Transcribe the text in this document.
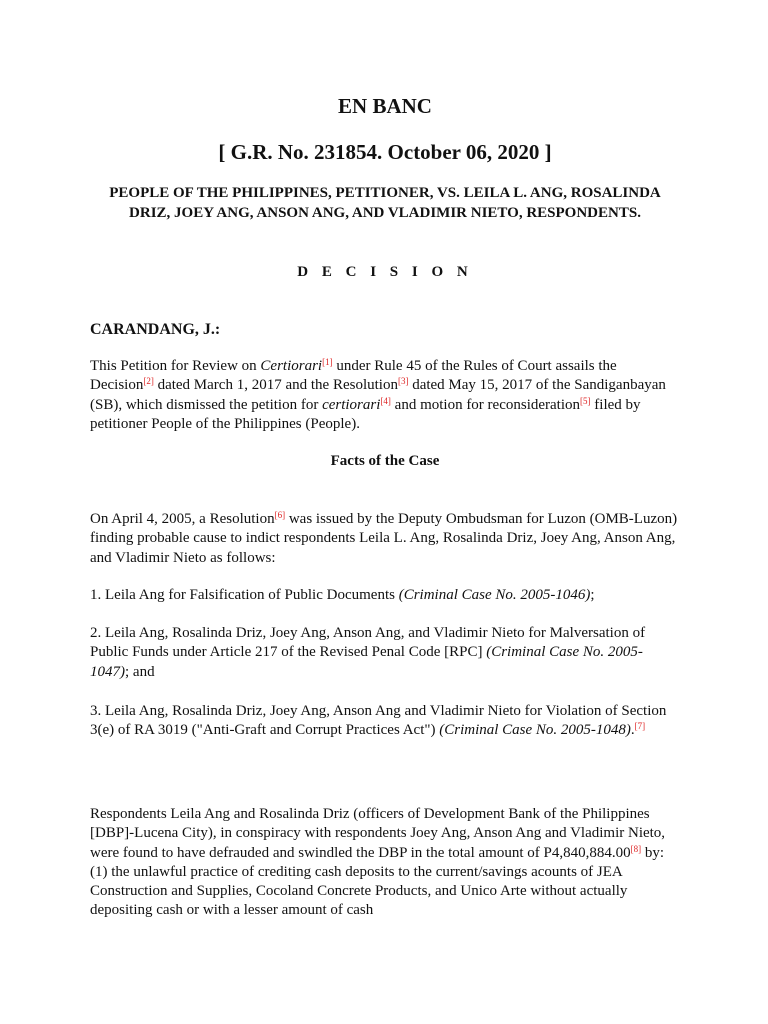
EN BANC
[ G.R. No. 231854. October 06, 2020 ]
PEOPLE OF THE PHILIPPINES, PETITIONER, VS. LEILA L. ANG, ROSALINDA DRIZ, JOEY ANG, ANSON ANG, AND VLADIMIR NIETO, RESPONDENTS.
D E C I S I O N
CARANDANG, J.:
This Petition for Review on Certiorari[1] under Rule 45 of the Rules of Court assails the Decision[2] dated March 1, 2017 and the Resolution[3] dated May 15, 2017 of the Sandiganbayan (SB), which dismissed the petition for certiorari[4] and motion for reconsideration[5] filed by petitioner People of the Philippines (People).
Facts of the Case
On April 4, 2005, a Resolution[6] was issued by the Deputy Ombudsman for Luzon (OMB-Luzon) finding probable cause to indict respondents Leila L. Ang, Rosalinda Driz, Joey Ang, Anson Ang, and Vladimir Nieto as follows:
1. Leila Ang for Falsification of Public Documents (Criminal Case No. 2005-1046);
2. Leila Ang, Rosalinda Driz, Joey Ang, Anson Ang, and Vladimir Nieto for Malversation of Public Funds under Article 217 of the Revised Penal Code [RPC] (Criminal Case No. 2005-1047); and
3. Leila Ang, Rosalinda Driz, Joey Ang, Anson Ang and Vladimir Nieto for Violation of Section 3(e) of RA 3019 ("Anti-Graft and Corrupt Practices Act") (Criminal Case No. 2005-1048).[7]
Respondents Leila Ang and Rosalinda Driz (officers of Development Bank of the Philippines [DBP]-Lucena City), in conspiracy with respondents Joey Ang, Anson Ang and Vladimir Nieto, were found to have defrauded and swindled the DBP in the total amount of P4,840,884.00[8] by: (1) the unlawful practice of crediting cash deposits to the current/savings acounts of JEA Construction and Supplies, Cocoland Concrete Products, and Unico Arte without actually depositing cash or with a lesser amount of cash
